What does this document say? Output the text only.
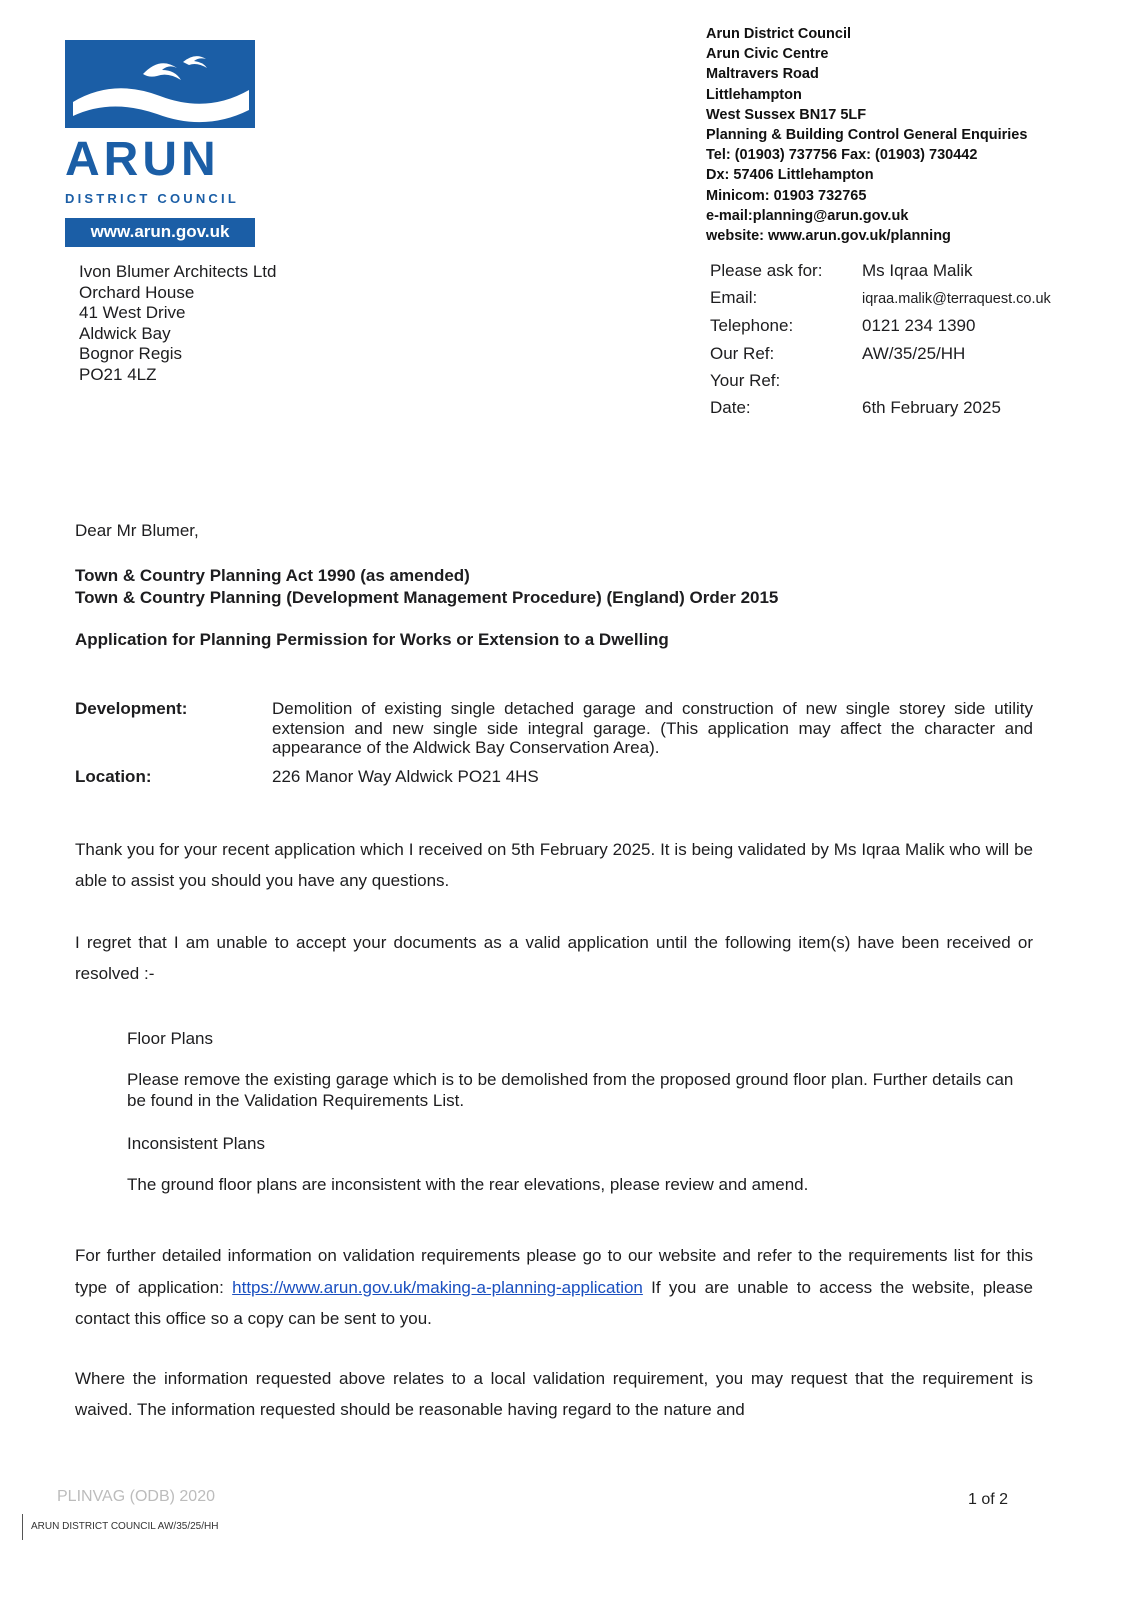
ARUN
DISTRICT COUNCIL
www.arun.gov.uk
Arun District Council
Arun Civic Centre
Maltravers Road
Littlehampton
West Sussex BN17 5LF
Planning & Building Control General Enquiries
Tel: (01903) 737756 Fax: (01903) 730442
Dx: 57406 Littlehampton
Minicom: 01903 732765
e-mail:planning@arun.gov.uk
website: www.arun.gov.uk/planning
Ivon Blumer Architects Ltd
Orchard House
41 West Drive
Aldwick Bay
Bognor Regis
PO21 4LZ
Please ask for:	Ms Iqraa Malik
Email:	iqraa.malik@terraquest.co.uk
Telephone:	0121 234 1390
Our Ref:	AW/35/25/HH
Your Ref:
Date:	6th February 2025
Dear Mr Blumer,
Town & Country Planning Act 1990 (as amended)
Town & Country Planning (Development Management Procedure) (England) Order 2015
Application for Planning Permission for Works or Extension to a Dwelling
Development:	Demolition of existing single detached garage and construction of new single storey side utility extension and new single side integral garage. (This application may affect the character and appearance of the Aldwick Bay Conservation Area).
Location:	226 Manor Way Aldwick PO21 4HS

Thank you for your recent application which I received on 5th February 2025. It is being validated by Ms Iqraa Malik who will be able to assist you should you have any questions.

I regret that I am unable to accept your documents as a valid application until the following item(s) have been received or resolved :-

Floor Plans
Please remove the existing garage which is to be demolished from the proposed ground floor plan. Further details can be found in the Validation Requirements List.
Inconsistent Plans
The ground floor plans are inconsistent with the rear elevations, please review and amend.

For further detailed information on validation requirements please go to our website and refer to the requirements list for this type of application: https://www.arun.gov.uk/making-a-planning-application If you are unable to access the website, please contact this office so a copy can be sent to you.

Where the information requested above relates to a local validation requirement, you may request that the requirement is waived. The information requested should be reasonable having regard to the nature and

PLINVAG (ODB) 2020	1 of 2
ARUN DISTRICT COUNCIL AW/35/25/HH
